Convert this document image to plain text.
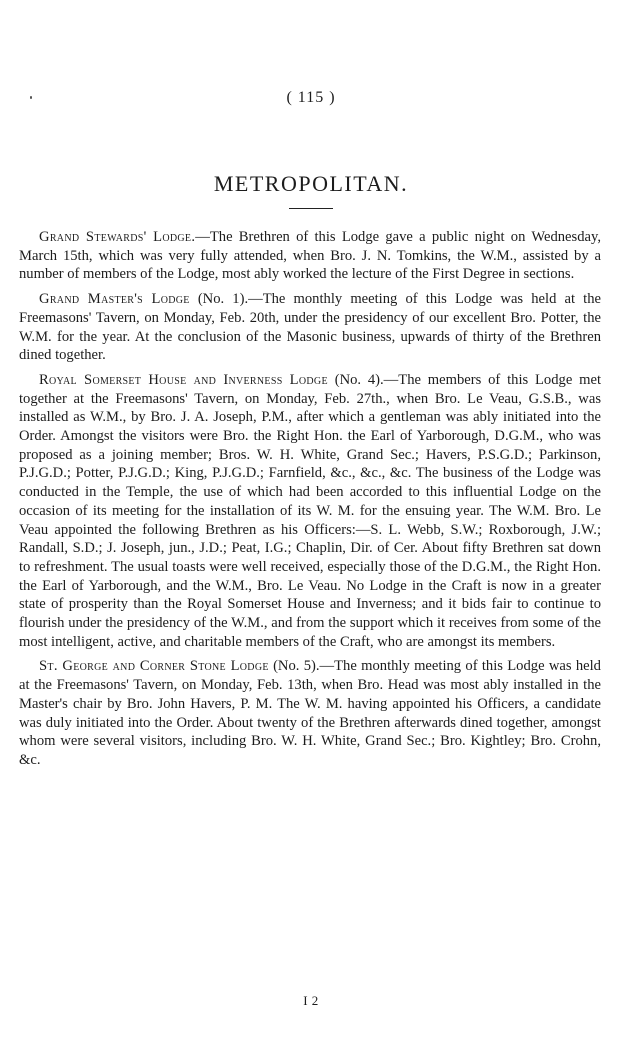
( 115 )
METROPOLITAN.

Grand Stewards' Lodge.—The Brethren of this Lodge gave a public night on Wednesday, March 15th, which was very fully attended, when Bro. J. N. Tomkins, the W.M., assisted by a number of members of the Lodge, most ably worked the lecture of the First Degree in sections.

Grand Master's Lodge (No. 1).—The monthly meeting of this Lodge was held at the Freemasons' Tavern, on Monday, Feb. 20th, under the presidency of our excellent Bro. Potter, the W.M. for the year. At the conclusion of the Masonic business, upwards of thirty of the Brethren dined together.

Royal Somerset House and Inverness Lodge (No. 4).—The members of this Lodge met together at the Freemasons' Tavern, on Monday, Feb. 27th., when Bro. Le Veau, G.S.B., was installed as W.M., by Bro. J. A. Joseph, P.M., after which a gentleman was ably initiated into the Order. Amongst the visitors were Bro. the Right Hon. the Earl of Yarborough, D.G.M., who was proposed as a joining member; Bros. W. H. White, Grand Sec.; Havers, P.S.G.D.; Parkinson, P.J.G.D.; Potter, P.J.G.D.; King, P.J.G.D.; Farnfield, &c., &c., &c. The business of the Lodge was conducted in the Temple, the use of which had been accorded to this influential Lodge on the occasion of its meeting for the installation of its W. M. for the ensuing year. The W.M. Bro. Le Veau appointed the following Brethren as his Officers:—S. L. Webb, S.W.; Roxborough, J.W.; Randall, S.D.; J. Joseph, jun., J.D.; Peat, I.G.; Chaplin, Dir. of Cer. About fifty Brethren sat down to refreshment. The usual toasts were well received, especially those of the D.G.M., the Right Hon. the Earl of Yarborough, and the W.M., Bro. Le Veau. No Lodge in the Craft is now in a greater state of prosperity than the Royal Somerset House and Inverness; and it bids fair to continue to flourish under the presidency of the W.M., and from the support which it receives from some of the most intelligent, active, and charitable members of the Craft, who are amongst its members.

St. George and Corner Stone Lodge (No. 5).—The monthly meeting of this Lodge was held at the Freemasons' Tavern, on Monday, Feb. 13th, when Bro. Head was most ably installed in the Master's chair by Bro. John Havers, P. M. The W. M. having appointed his Officers, a candidate was duly initiated into the Order. About twenty of the Brethren afterwards dined together, amongst whom were several visitors, including Bro. W. H. White, Grand Sec.; Bro. Kightley; Bro. Crohn, &c.

I 2
